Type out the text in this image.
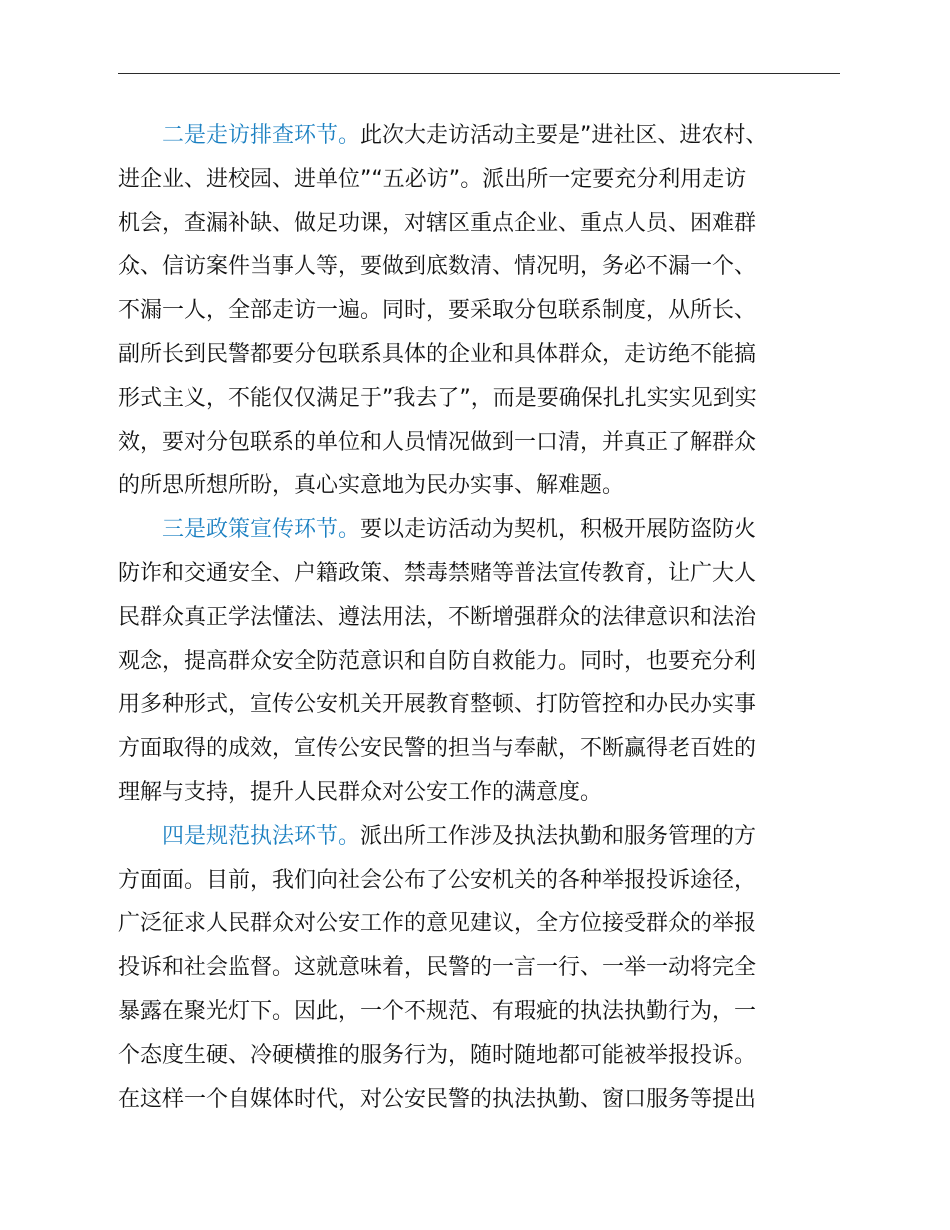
二是走访排查环节。此次大走访活动主要是”进社区、进农村、
进企业、进校园、进单位”“五必访”。派出所一定要充分利用走访
机会，查漏补缺、做足功课，对辖区重点企业、重点人员、困难群
众、信访案件当事人等，要做到底数清、情况明，务必不漏一个、
不漏一人，全部走访一遍。同时，要采取分包联系制度，从所长、
副所长到民警都要分包联系具体的企业和具体群众，走访绝不能搞
形式主义，不能仅仅满足于”我去了”，而是要确保扎扎实实见到实
效，要对分包联系的单位和人员情况做到一口清，并真正了解群众
的所思所想所盼，真心实意地为民办实事、解难题。
三是政策宣传环节。要以走访活动为契机，积极开展防盗防火
防诈和交通安全、户籍政策、禁毒禁赌等普法宣传教育，让广大人
民群众真正学法懂法、遵法用法，不断增强群众的法律意识和法治
观念，提高群众安全防范意识和自防自救能力。同时，也要充分利
用多种形式，宣传公安机关开展教育整顿、打防管控和办民办实事
方面取得的成效，宣传公安民警的担当与奉献，不断赢得老百姓的
理解与支持，提升人民群众对公安工作的满意度。
四是规范执法环节。派出所工作涉及执法执勤和服务管理的方
方面面。目前，我们向社会公布了公安机关的各种举报投诉途径，
广泛征求人民群众对公安工作的意见建议，全方位接受群众的举报
投诉和社会监督。这就意味着，民警的一言一行、一举一动将完全
暴露在聚光灯下。因此，一个不规范、有瑕疵的执法执勤行为，一
个态度生硬、冷硬横推的服务行为，随时随地都可能被举报投诉。
在这样一个自媒体时代，对公安民警的执法执勤、窗口服务等提出
